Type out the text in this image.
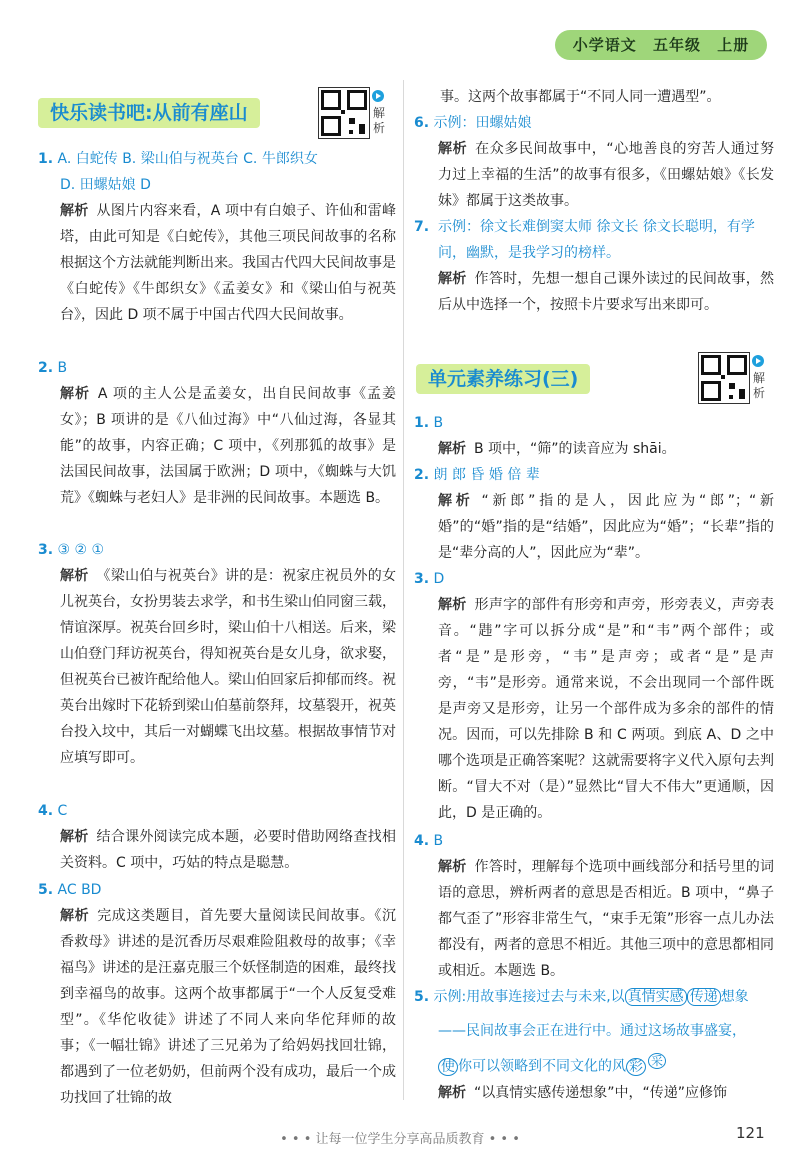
小学语文 五年级 上册
快乐读书吧:从前有座山	解析
1. A. 白蛇传 B. 梁山伯与祝英台 C. 牛郎织女
D. 田螺姑娘 D
解析 从图片内容来看，A 项中有白娘子、许仙和雷峰塔，由此可知是《白蛇传》，其他三项民间故事的名称根据这个方法就能判断出来。我国古代四大民间故事是《白蛇传》《牛郎织女》《孟姜女》和《梁山伯与祝英台》，因此 D 项不属于中国古代四大民间故事。
2. B
解析 A 项的主人公是孟姜女，出自民间故事《孟姜女》；B 项讲的是《八仙过海》中“八仙过海，各显其能”的故事，内容正确；C 项中，《列那狐的故事》是法国民间故事，法国属于欧洲；D 项中，《蜘蛛与大饥荒》《蜘蛛与老妇人》是非洲的民间故事。本题选 B。
3. ③ ② ①
解析 《梁山伯与祝英台》讲的是：祝家庄祝员外的女儿祝英台，女扮男装去求学，和书生梁山伯同窗三载，情谊深厚。祝英台回乡时，梁山伯十八相送。后来，梁山伯登门拜访祝英台，得知祝英台是女儿身，欲求娶，但祝英台已被许配给他人。梁山伯回家后抑郁而终。祝英台出嫁时下花轿到梁山伯墓前祭拜，坟墓裂开，祝英台投入坟中，其后一对蝴蝶飞出坟墓。根据故事情节对应填写即可。
4. C
解析 结合课外阅读完成本题，必要时借助网络查找相关资料。C 项中，巧姑的特点是聪慧。
5. AC BD
解析 完成这类题目，首先要大量阅读民间故事。《沉香救母》讲述的是沉香历尽艰难险阻救母的故事；《幸福鸟》讲述的是汪嘉克服三个妖怪制造的困难，最终找到幸福鸟的故事。这两个故事都属于“一个人反复受难型”。《华佗收徒》讲述了不同人来向华佗拜师的故事；《一幅壮锦》讲述了三兄弟为了给妈妈找回壮锦，都遇到了一位老奶奶，但前两个没有成功，最后一个成功找回了壮锦的故
事。这两个故事都属于“不同人同一遭遇型”。
6. 示例：田螺姑娘
解析 在众多民间故事中，“心地善良的穷苦人通过努力过上幸福的生活”的故事有很多，《田螺姑娘》《长发妹》都属于这类故事。
7. 示例：徐文长难倒窦太师 徐文长 徐文长聪明，有学问，幽默，是我学习的榜样。
解析 作答时，先想一想自己课外读过的民间故事，然后从中选择一个，按照卡片要求写出来即可。
单元素养练习(三)	解析
1. B
解析 B 项中，“筛”的读音应为 shāi。
2. 朗 郎 昏 婚 倍 辈
解析 “新郎”指的是人，因此应为“郎”；“新婚”的“婚”指的是“结婚”，因此应为“婚”；“长辈”指的是“辈分高的人”，因此应为“辈”。
3. D
解析 形声字的部件有形旁和声旁，形旁表义，声旁表音。“韪”字可以拆分成“是”和“韦”两个部件；或者“是”是形旁，“韦”是声旁；或者“是”是声旁，“韦”是形旁。通常来说，不会出现同一个部件既是声旁又是形旁，让另一个部件成为多余的部件的情况。因而，可以先排除 B 和 C 两项。到底 A、D 之中哪个选项是正确答案呢？这就需要将字义代入原句去判断。“冒大不对（是）”显然比“冒大不伟大”更通顺，因此，D 是正确的。
4. B
解析 作答时，理解每个选项中画线部分和括号里的词语的意思，辨析两者的意思是否相近。B 项中，“鼻子都气歪了”形容非常生气，“束手无策”形容一点儿办法都没有，两者的意思不相近。其他三项中的意思都相同或相近。本题选 B。
5. 示例:用故事连接过去与未来,以 真情实感 传递 想象
——民间故事会正在进行中。通过这场故事盛宴，
使 你可以领略到不同文化的风 彩 采
解析 “以真情实感传递想象”中，“传递”应修饰
• • • 让每一位学生分享高品质教育 • • •	121
